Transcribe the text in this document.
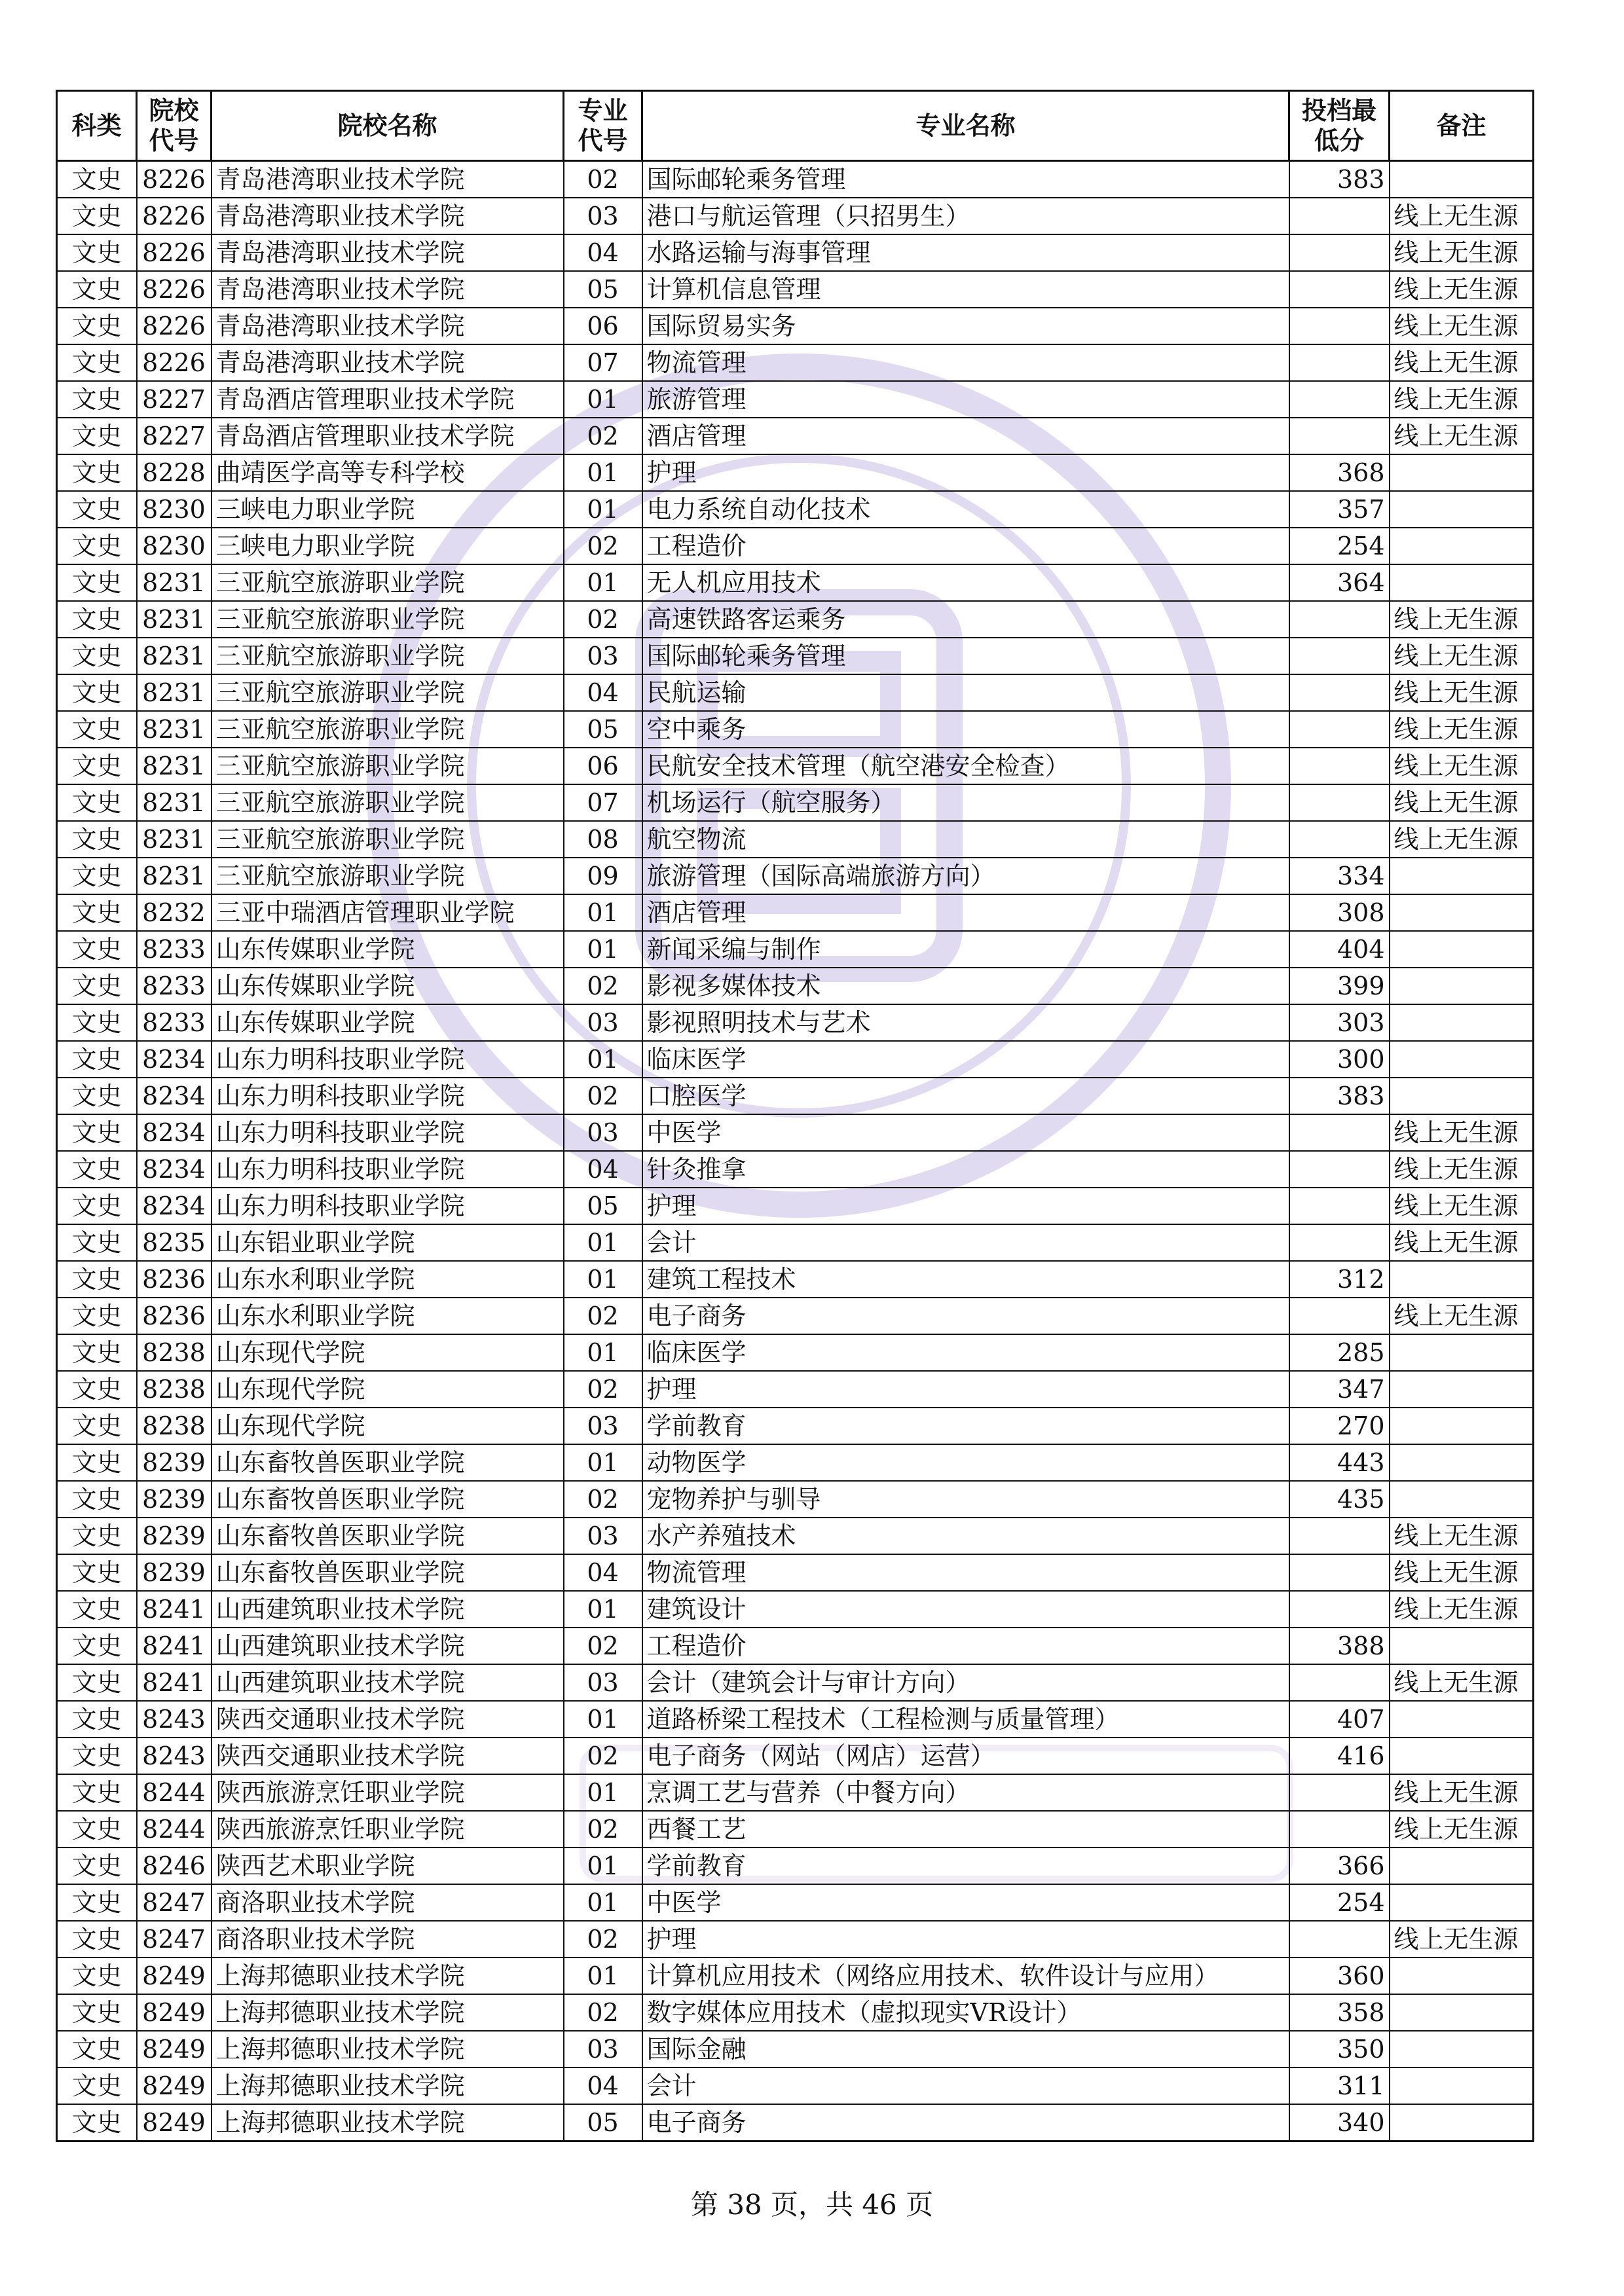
科类	院校代号	院校名称	专业代号	专业名称	投档最低分	备注
文史	8226	青岛港湾职业技术学院	02	国际邮轮乘务管理	383	
文史	8226	青岛港湾职业技术学院	03	港口与航运管理（只招男生）		线上无生源
文史	8226	青岛港湾职业技术学院	04	水路运输与海事管理		线上无生源
文史	8226	青岛港湾职业技术学院	05	计算机信息管理		线上无生源
文史	8226	青岛港湾职业技术学院	06	国际贸易实务		线上无生源
文史	8226	青岛港湾职业技术学院	07	物流管理		线上无生源
文史	8227	青岛酒店管理职业技术学院	01	旅游管理		线上无生源
文史	8227	青岛酒店管理职业技术学院	02	酒店管理		线上无生源
文史	8228	曲靖医学高等专科学校	01	护理	368	
文史	8230	三峡电力职业学院	01	电力系统自动化技术	357	
文史	8230	三峡电力职业学院	02	工程造价	254	
文史	8231	三亚航空旅游职业学院	01	无人机应用技术	364	
文史	8231	三亚航空旅游职业学院	02	高速铁路客运乘务		线上无生源
文史	8231	三亚航空旅游职业学院	03	国际邮轮乘务管理		线上无生源
文史	8231	三亚航空旅游职业学院	04	民航运输		线上无生源
文史	8231	三亚航空旅游职业学院	05	空中乘务		线上无生源
文史	8231	三亚航空旅游职业学院	06	民航安全技术管理（航空港安全检查）		线上无生源
文史	8231	三亚航空旅游职业学院	07	机场运行（航空服务）		线上无生源
文史	8231	三亚航空旅游职业学院	08	航空物流		线上无生源
文史	8231	三亚航空旅游职业学院	09	旅游管理（国际高端旅游方向）	334	
文史	8232	三亚中瑞酒店管理职业学院	01	酒店管理	308	
文史	8233	山东传媒职业学院	01	新闻采编与制作	404	
文史	8233	山东传媒职业学院	02	影视多媒体技术	399	
文史	8233	山东传媒职业学院	03	影视照明技术与艺术	303	
文史	8234	山东力明科技职业学院	01	临床医学	300	
文史	8234	山东力明科技职业学院	02	口腔医学	383	
文史	8234	山东力明科技职业学院	03	中医学		线上无生源
文史	8234	山东力明科技职业学院	04	针灸推拿		线上无生源
文史	8234	山东力明科技职业学院	05	护理		线上无生源
文史	8235	山东铝业职业学院	01	会计		线上无生源
文史	8236	山东水利职业学院	01	建筑工程技术	312	
文史	8236	山东水利职业学院	02	电子商务		线上无生源
文史	8238	山东现代学院	01	临床医学	285	
文史	8238	山东现代学院	02	护理	347	
文史	8238	山东现代学院	03	学前教育	270	
文史	8239	山东畜牧兽医职业学院	01	动物医学	443	
文史	8239	山东畜牧兽医职业学院	02	宠物养护与驯导	435	
文史	8239	山东畜牧兽医职业学院	03	水产养殖技术		线上无生源
文史	8239	山东畜牧兽医职业学院	04	物流管理		线上无生源
文史	8241	山西建筑职业技术学院	01	建筑设计		线上无生源
文史	8241	山西建筑职业技术学院	02	工程造价	388	
文史	8241	山西建筑职业技术学院	03	会计（建筑会计与审计方向）		线上无生源
文史	8243	陕西交通职业技术学院	01	道路桥梁工程技术（工程检测与质量管理）	407	
文史	8243	陕西交通职业技术学院	02	电子商务（网站（网店）运营）	416	
文史	8244	陕西旅游烹饪职业学院	01	烹调工艺与营养（中餐方向）		线上无生源
文史	8244	陕西旅游烹饪职业学院	02	西餐工艺		线上无生源
文史	8246	陕西艺术职业学院	01	学前教育	366	
文史	8247	商洛职业技术学院	01	中医学	254	
文史	8247	商洛职业技术学院	02	护理		线上无生源
文史	8249	上海邦德职业技术学院	01	计算机应用技术（网络应用技术、软件设计与应用）	360	
文史	8249	上海邦德职业技术学院	02	数字媒体应用技术（虚拟现实VR设计）	358	
文史	8249	上海邦德职业技术学院	03	国际金融	350	
文史	8249	上海邦德职业技术学院	04	会计	311	
文史	8249	上海邦德职业技术学院	05	电子商务	340	
第 38 页，共 46 页
